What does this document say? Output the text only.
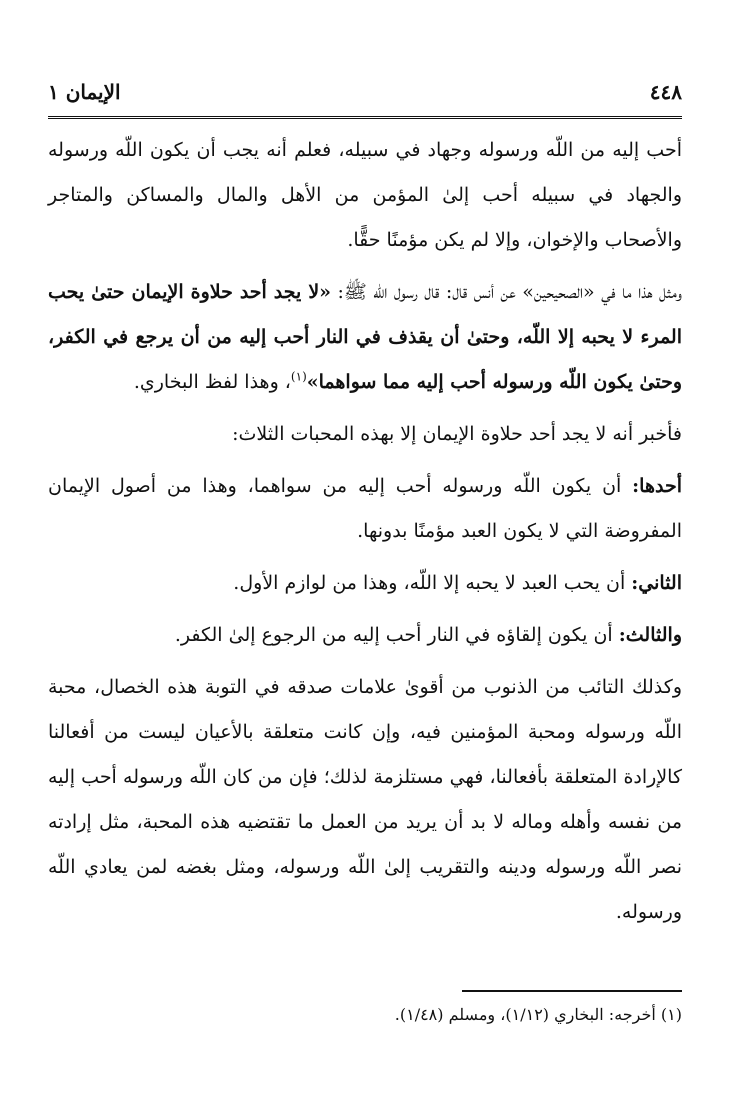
٤٤٨
الإيمان ١

أحب إليه من اللّه ورسوله وجهاد في سبيله، فعلم أنه يجب أن يكون اللّه ورسوله والجهاد في سبيله أحب إلىٰ المؤمن من الأهل والمال والمساكن والمتاجر والأصحاب والإخوان، وإلا لم يكن مؤمنًا حقًّا.

ومثل هذا ما في «الصحيحين» عن أنس قال: قال رسول اللّه ﷺ: «لا يجد أحد حلاوة الإيمان حتىٰ يحب المرء لا يحبه إلا اللّه، وحتىٰ أن يقذف في النار أحب إليه من أن يرجع في الكفر، وحتىٰ يكون اللّه ورسوله أحب إليه مما سواهما»$^{(١)}$، وهذا لفظ البخاري.

فأخبر أنه لا يجد أحد حلاوة الإيمان إلا بهذه المحبات الثلاث:

أحدها: أن يكون اللّه ورسوله أحب إليه من سواهما، وهذا من أصول الإيمان المفروضة التي لا يكون العبد مؤمنًا بدونها.

الثاني: أن يحب العبد لا يحبه إلا اللّه، وهذا من لوازم الأول.

والثالث: أن يكون إلقاؤه في النار أحب إليه من الرجوع إلىٰ الكفر.

وكذلك التائب من الذنوب من أقوىٰ علامات صدقه في التوبة هذه الخصال، محبة اللّه ورسوله ومحبة المؤمنين فيه، وإن كانت متعلقة بالأعيان ليست من أفعالنا كالإرادة المتعلقة بأفعالنا، فهي مستلزمة لذلك؛ فإن من كان اللّه ورسوله أحب إليه من نفسه وأهله وماله لا بد أن يريد من العمل ما تقتضيه هذه المحبة، مثل إرادته نصر اللّه ورسوله ودينه والتقريب إلىٰ اللّه ورسوله، ومثل بغضه لمن يعادي اللّه ورسوله.

(١) أخرجه: البخاري (١/١٢)، ومسلم (١/٤٨).
